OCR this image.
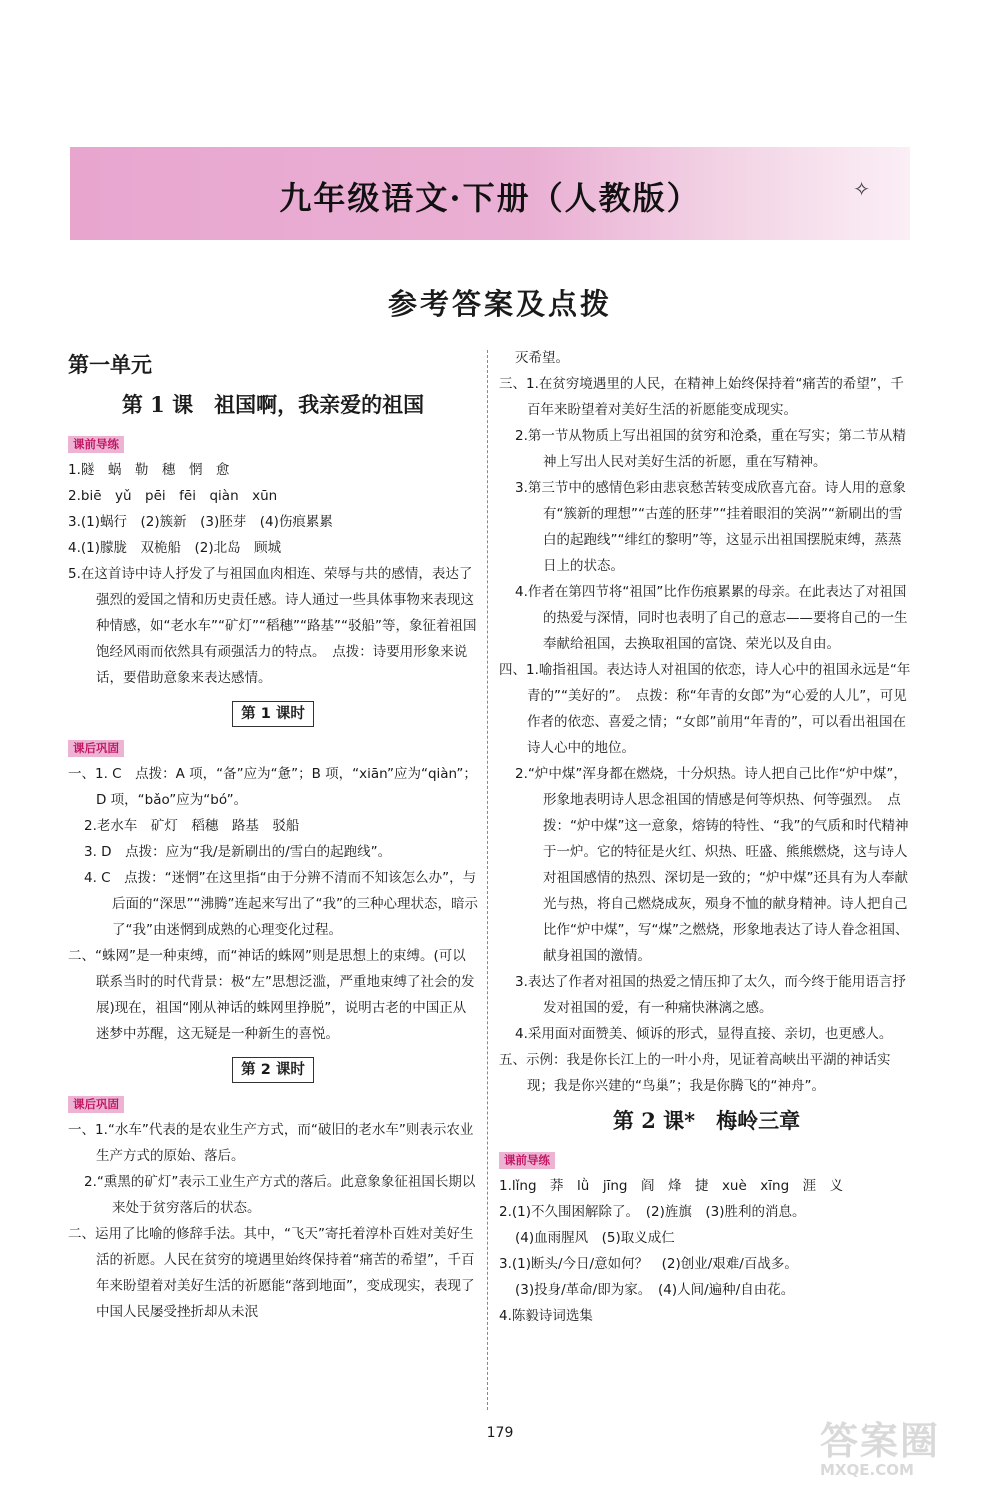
九年级语文·下册（人教版）	✧
参考答案及点拨
第一单元
第 1 课　祖国啊，我亲爱的祖国
课前导练

1.隧　蜗　勒　穗　惘　愈

2.biē　yǔ　pēi　fēi　qiàn　xūn

3.(1)蜗行　(2)簇新　(3)胚芽　(4)伤痕累累

4.(1)朦胧　双桅船　(2)北岛　顾城

5.在这首诗中诗人抒发了与祖国血肉相连、荣辱与共的感情，表达了强烈的爱国之情和历史责任感。诗人通过一些具体事物来表现这种情感，如“老水车”“矿灯”“稻穗”“路基”“驳船”等，象征着祖国饱经风雨而依然具有顽强活力的特点。　点拨：诗要用形象来说话，要借助意象来表达感情。

第 1 课时
课后巩固

一、1. C　点拨：A 项，“备”应为“惫”；B 项，“xiān”应为“qiàn”；D 项，“bǎo”应为“bó”。

2.老水车　矿灯　稻穗　路基　驳船

3. D　点拨：应为“我/是新刷出的/雪白的起跑线”。

4. C　点拨：“迷惘”在这里指“由于分辨不清而不知该怎么办”，与后面的“深思”“沸腾”连起来写出了“我”的三种心理状态，暗示了“我”由迷惘到成熟的心理变化过程。

二、“蛛网”是一种束缚，而“神话的蛛网”则是思想上的束缚。(可以联系当时的时代背景：极“左”思想泛滥，严重地束缚了社会的发展)现在，祖国“刚从神话的蛛网里挣脱”，说明古老的中国正从迷梦中苏醒，这无疑是一种新生的喜悦。

第 2 课时
课后巩固

一、1.“水车”代表的是农业生产方式，而“破旧的老水车”则表示农业生产方式的原始、落后。

2.“熏黑的矿灯”表示工业生产方式的落后。此意象象征祖国长期以来处于贫穷落后的状态。

二、运用了比喻的修辞手法。其中，“飞天”寄托着淳朴百姓对美好生活的祈愿。人民在贫穷的境遇里始终保持着“痛苦的希望”，千百年来盼望着对美好生活的祈愿能“落到地面”，变成现实，表现了中国人民屡受挫折却从未泯

灭希望。

三、1.在贫穷境遇里的人民，在精神上始终保持着“痛苦的希望”，千百年来盼望着对美好生活的祈愿能变成现实。

2.第一节从物质上写出祖国的贫穷和沧桑，重在写实；第二节从精神上写出人民对美好生活的祈愿，重在写精神。

3.第三节中的感情色彩由悲哀愁苦转变成欣喜亢奋。诗人用的意象有“簇新的理想”“古莲的胚芽”“挂着眼泪的笑涡”“新刷出的雪白的起跑线”“绯红的黎明”等，这显示出祖国摆脱束缚，蒸蒸日上的状态。

4.作者在第四节将“祖国”比作伤痕累累的母亲。在此表达了对祖国的热爱与深情，同时也表明了自己的意志——要将自己的一生奉献给祖国，去换取祖国的富饶、荣光以及自由。

四、1.喻指祖国。表达诗人对祖国的依恋，诗人心中的祖国永远是“年青的”“美好的”。　点拨：称“年青的女郎”为“心爱的人儿”，可见作者的依恋、喜爱之情；“女郎”前用“年青的”，可以看出祖国在诗人心中的地位。

2.“炉中煤”浑身都在燃烧，十分炽热。诗人把自己比作“炉中煤”，形象地表明诗人思念祖国的情感是何等炽热、何等强烈。　点拨：“炉中煤”这一意象，熔铸的特性、“我”的气质和时代精神于一炉。它的特征是火红、炽热、旺盛、熊熊燃烧，这与诗人对祖国感情的热烈、深切是一致的；“炉中煤”还具有为人奉献光与热，将自己燃烧成灰，殒身不恤的献身精神。诗人把自己比作“炉中煤”，写“煤”之燃烧，形象地表达了诗人眷念祖国、献身祖国的激情。

3.表达了作者对祖国的热爱之情压抑了太久，而今终于能用语言抒发对祖国的爱，有一种痛快淋漓之感。

4.采用面对面赞美、倾诉的形式，显得直接、亲切，也更感人。

五、示例：我是你长江上的一叶小舟，见证着高峡出平湖的神话实现；我是你兴建的“鸟巢”；我是你腾飞的“神舟”。

第 2 课*　梅岭三章
课前导练

1.lǐng　莽　lǜ　jīng　阎　烽　捷　xuè　xīng　涯　义

2.(1)不久围困解除了。　(2)旌旗　(3)胜利的消息。

(4)血雨腥风　(5)取义成仁

3.(1)断头/今日/意如何？　(2)创业/艰难/百战多。

(3)投身/革命/即为家。　(4)人间/遍种/自由花。

4.陈毅诗词选集

179	答案圈
MXQE.COM
